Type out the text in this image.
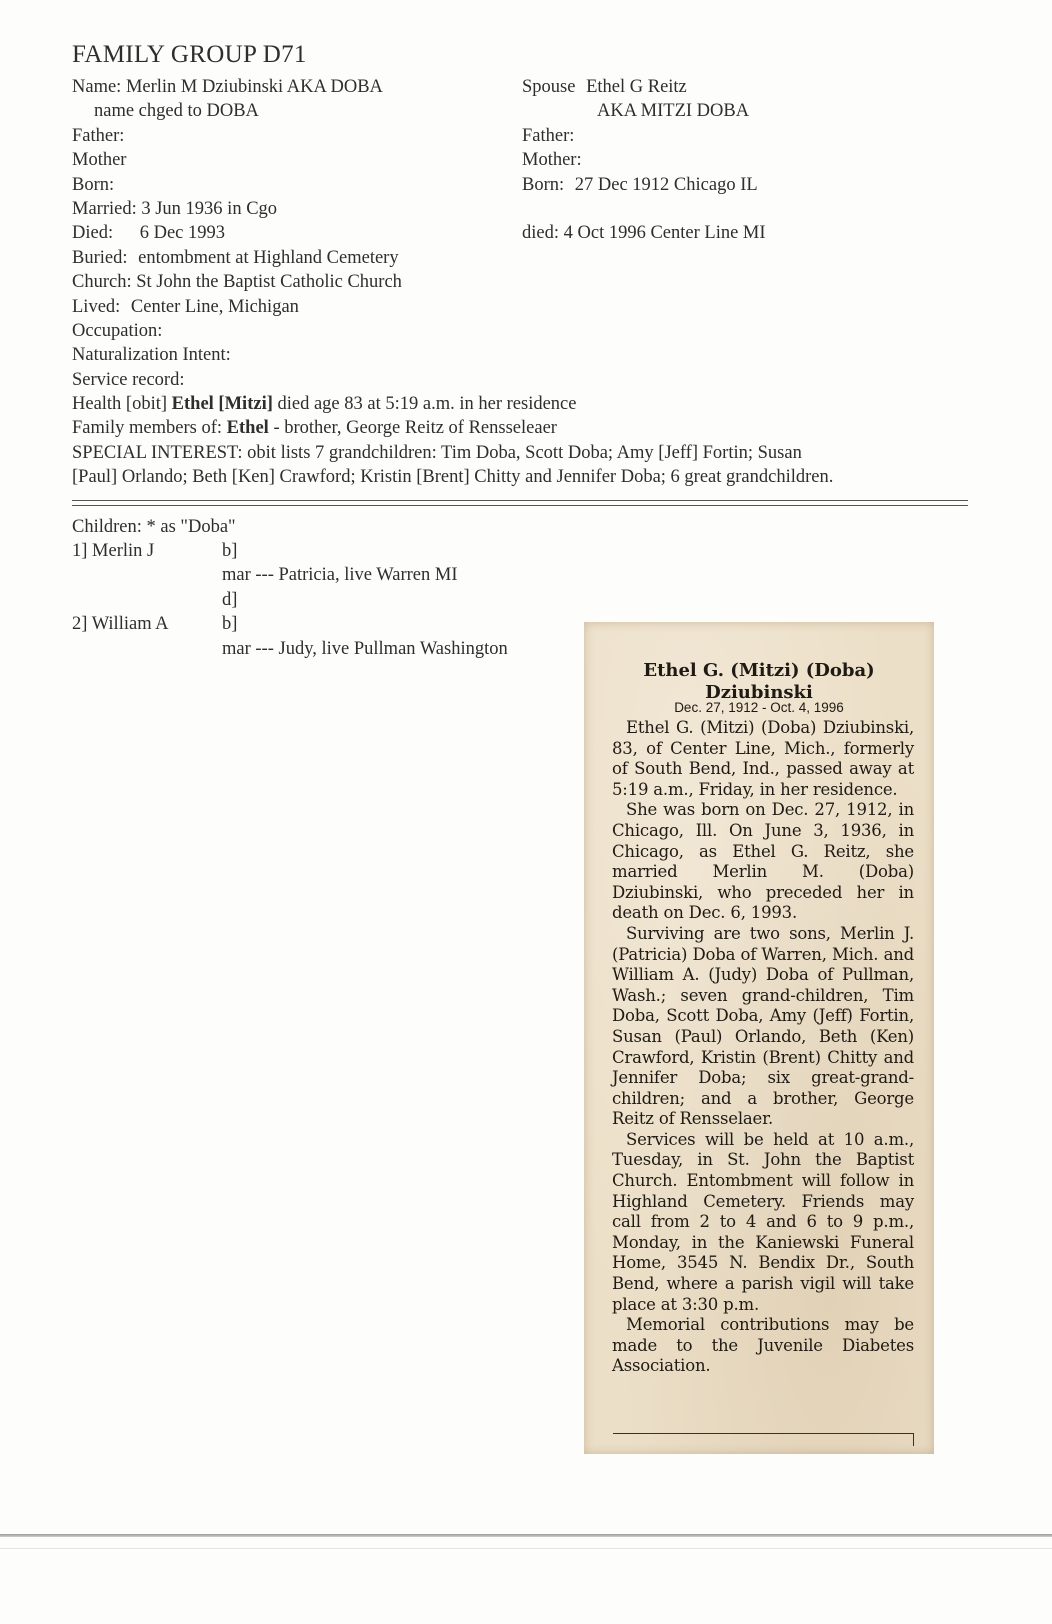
FAMILY GROUP D71
Name: Merlin M Dziubinski AKA DOBA
name chged to DOBA
Father:
Mother
Born:
Married: 3 Jun 1936 in Cgo
Died: 6 Dec 1993
Buried: entombment at Highland Cemetery
Church: St John the Baptist Catholic Church
Lived: Center Line, Michigan
Occupation:
Naturalization Intent:
Service record:
Spouse Ethel G Reitz
AKA MITZI DOBA
Father:
Mother:
Born: 27 Dec 1912 Chicago IL
died: 4 Oct 1996 Center Line MI
Health [obit] Ethel [Mitzi] died age 83 at 5:19 a.m. in her residence
Family members of: Ethel - brother, George Reitz of Rensseleaer
SPECIAL INTEREST: obit lists 7 grandchildren: Tim Doba, Scott Doba; Amy [Jeff] Fortin; Susan
[Paul] Orlando; Beth [Ken] Crawford; Kristin [Brent] Chitty and Jennifer Doba; 6 great grandchildren.
Children: * as "Doba"
1] Merlin J	b]
mar --- Patricia, live Warren MI
d]
2] William A	b]
mar --- Judy, live Pullman Washington
Ethel G. (Mitzi) (Doba)
Dziubinski
Dec. 27, 1912 - Oct. 4, 1996

Ethel G. (Mitzi) (Doba) Dziubinski, 83, of Center Line, Mich., formerly of South Bend, Ind., passed away at 5:19 a.m., Friday, in her residence.

She was born on Dec. 27, 1912, in Chicago, Ill. On June 3, 1936, in Chicago, as Ethel G. Reitz, she married Merlin M. (Doba) Dziubinski, who preceded her in death on Dec. 6, 1993.

Surviving are two sons, Merlin J. (Patricia) Doba of Warren, Mich. and William A. (Judy) Doba of Pullman, Wash.; seven grand-children, Tim Doba, Scott Doba, Amy (Jeff) Fortin, Susan (Paul) Orlando, Beth (Ken) Crawford, Kristin (Brent) Chitty and Jennifer Doba; six great-grand-children; and a brother, George Reitz of Rensselaer.

Services will be held at 10 a.m., Tuesday, in St. John the Baptist Church. Entombment will follow in Highland Cemetery. Friends may call from 2 to 4 and 6 to 9 p.m., Monday, in the Kaniewski Funeral Home, 3545 N. Bendix Dr., South Bend, where a parish vigil will take place at 3:30 p.m.

Memorial contributions may be made to the Juvenile Diabetes Association.
